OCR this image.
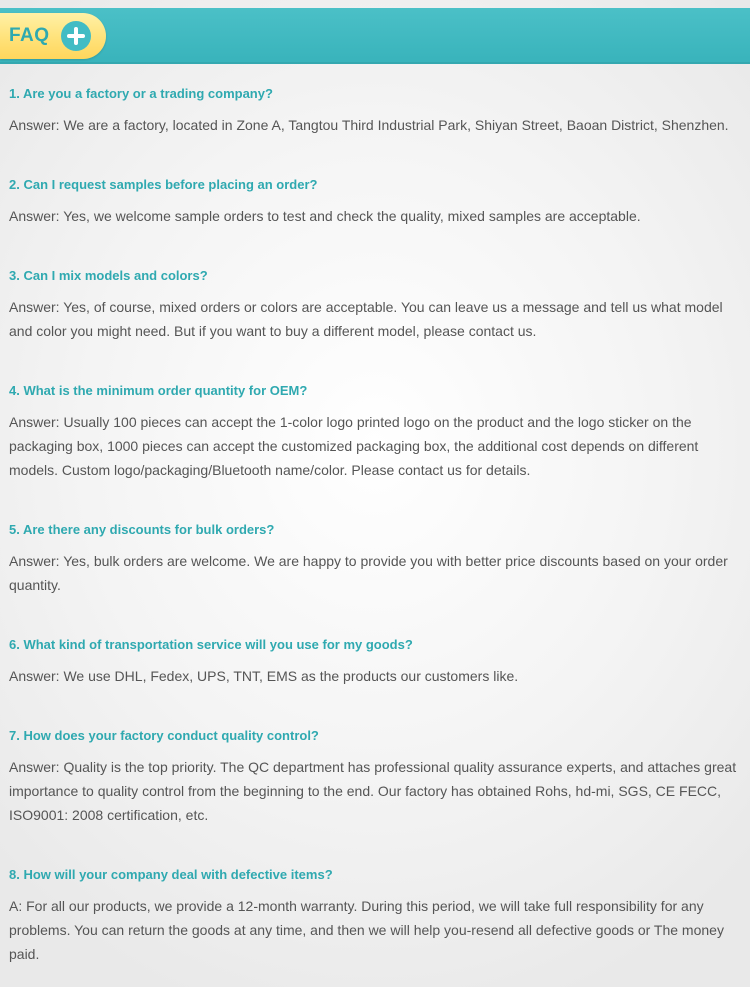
FAQ

1. Are you a factory or a trading company?

Answer: We are a factory, located in Zone A, Tangtou Third Industrial Park, Shiyan Street, Baoan District, Shenzhen.

2. Can I request samples before placing an order?

Answer: Yes, we welcome sample orders to test and check the quality, mixed samples are acceptable.

3. Can I mix models and colors?

Answer: Yes, of course, mixed orders or colors are acceptable. You can leave us a message and tell us what model and color you might need. But if you want to buy a different model, please contact us.

4. What is the minimum order quantity for OEM?

Answer: Usually 100 pieces can accept the 1-color logo printed logo on the product and the logo sticker on the packaging box, 1000 pieces can accept the customized packaging box, the additional cost depends on different models. Custom logo/packaging/Bluetooth name/color. Please contact us for details.

5. Are there any discounts for bulk orders?

Answer: Yes, bulk orders are welcome. We are happy to provide you with better price discounts based on your order quantity.

6. What kind of transportation service will you use for my goods?

Answer: We use DHL, Fedex, UPS, TNT, EMS as the products our customers like.

7. How does your factory conduct quality control?

Answer: Quality is the top priority. The QC department has professional quality assurance experts, and attaches great importance to quality control from the beginning to the end. Our factory has obtained Rohs, hd-mi, SGS, CE FECC, ISO9001: 2008 certification, etc.

8. How will your company deal with defective items?

A: For all our products, we provide a 12-month warranty. During this period, we will take full responsibility for any problems. You can return the goods at any time, and then we will help you-resend all defective goods or The money paid.
